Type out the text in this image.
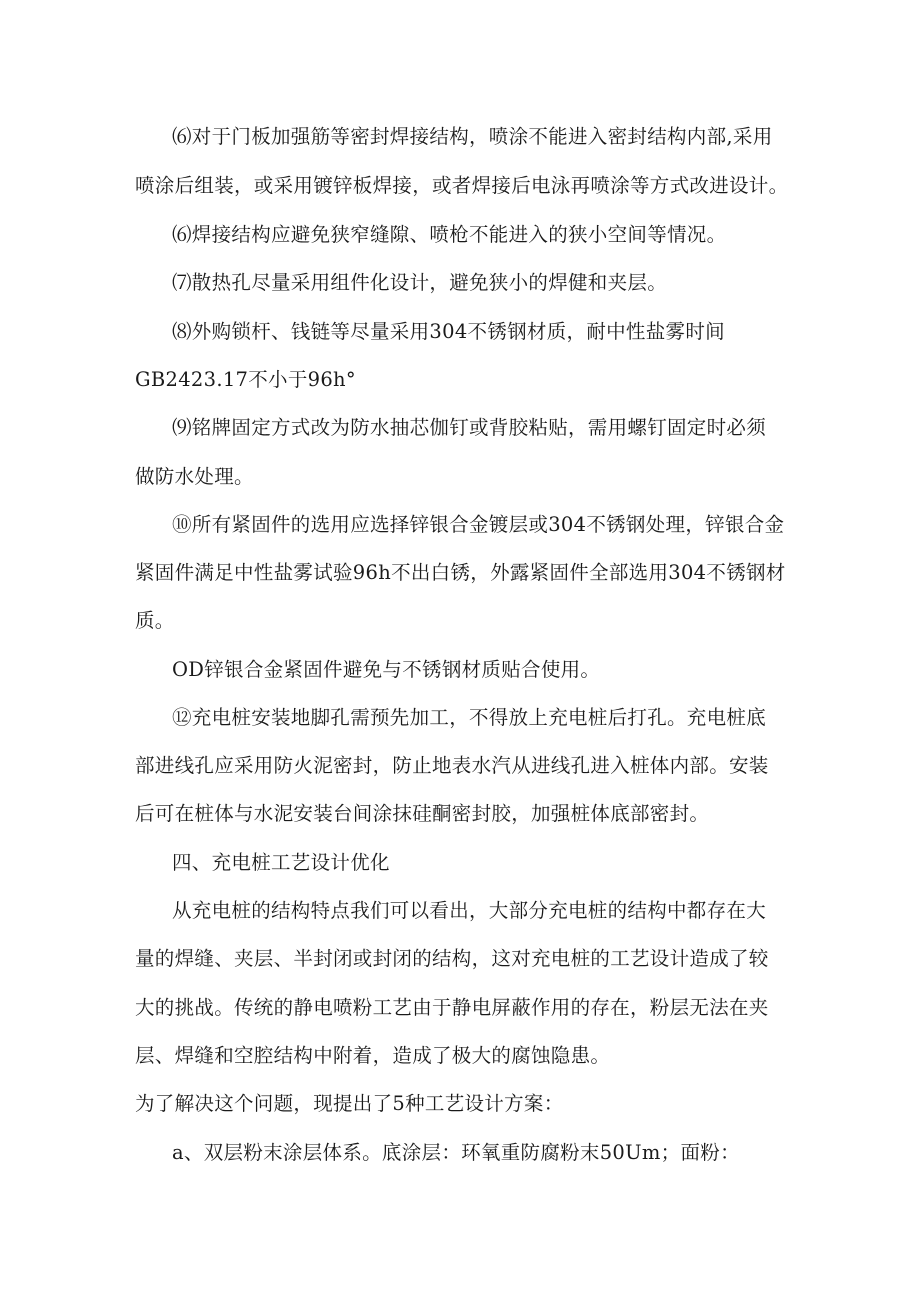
⑹对于门板加强筋等密封焊接结构，喷涂不能进入密封结构内部,采用
喷涂后组装，或采用镀锌板焊接，或者焊接后电泳再喷涂等方式改进设计。
⑹焊接结构应避免狭窄缝隙、喷枪不能进入的狭小空间等情况。
⑺散热孔尽量采用组件化设计，避免狭小的焊健和夹层。
⑻外购锁杆、钱链等尽量采用304不锈钢材质，耐中性盐雾时间
GB2423.17不小于96h°
⑼铭牌固定方式改为防水抽芯伽钉或背胶粘贴，需用螺钉固定时必须
做防水处理。
⑩所有紧固件的选用应选择锌银合金镀层或304不锈钢处理，锌银合金
紧固件满足中性盐雾试验96h不出白锈，外露紧固件全部选用304不锈钢材
质。
OD锌银合金紧固件避免与不锈钢材质贴合使用。
⑫充电桩安装地脚孔需预先加工，不得放上充电桩后打孔。充电桩底
部进线孔应采用防火泥密封，防止地表水汽从进线孔进入桩体内部。安装
后可在桩体与水泥安装台间涂抹硅酮密封胶，加强桩体底部密封。
四、充电桩工艺设计优化
从充电桩的结构特点我们可以看出，大部分充电桩的结构中都存在大
量的焊缝、夹层、半封闭或封闭的结构，这对充电桩的工艺设计造成了较
大的挑战。传统的静电喷粉工艺由于静电屏蔽作用的存在，粉层无法在夹
层、焊缝和空腔结构中附着，造成了极大的腐蚀隐患。
为了解决这个问题，现提出了5种工艺设计方案：
a、双层粉末涂层体系。底涂层：环氧重防腐粉末50Um；面粉：
